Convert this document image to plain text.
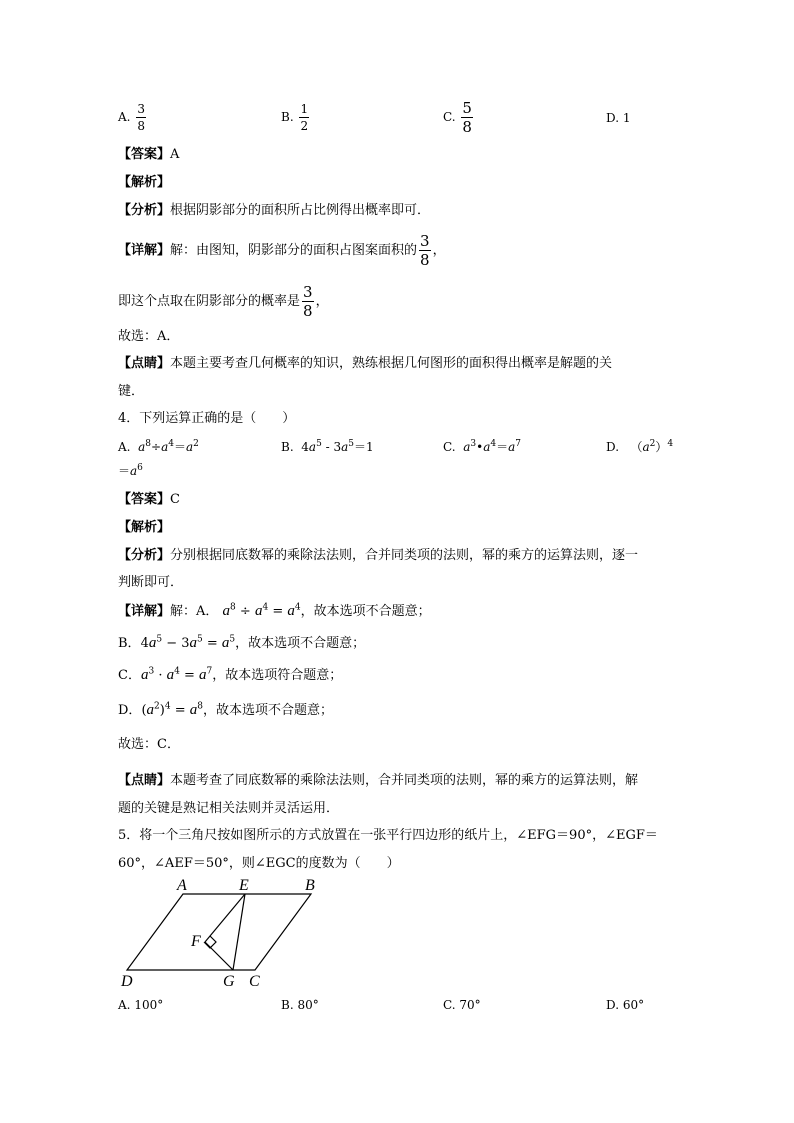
A. $\frac{3}{8}$	B. $\frac{1}{2}$	C. $\frac{5}{8}$	D. 1
【答案】A
【解析】
【分析】根据阴影部分的面积所占比例得出概率即可．
【详解】解：由图知，阴影部分的面积占图案面积的 $\frac{3}{8}$ ，
即这个点取在阴影部分的概率是 $\frac{3}{8}$ ，
故选：A．
【点睛】本题主要考查几何概率的知识，熟练根据几何图形的面积得出概率是解题的关
键．
4．下列运算正确的是（　　）
A. $a^8\div a^4=a^2$	B.  $4a^5 - 3a^5=1$	C. $a^3•a^4=a^7$	D.   $(a^2)^4$
$=a^6$
【答案】C
【解析】
【分析】分别根据同底数幂的乘除法法则，合并同类项的法则，幂的乘方的运算法则，逐一
判断即可．
【详解】解：A． $a^8 \div a^4 = a^4$，故本选项不合题意；
B．$4a^5 - 3a^5 = a^5$，故本选项不合题意；
C．$a^3 \cdot a^4 = a^7$，故本选项符合题意；
D．$(a^2)^4 = a^8$，故本选项不合题意；
故选：C．
【点睛】本题考查了同底数幂的乘除法法则，合并同类项的法则，幂的乘方的运算法则，解
题的关键是熟记相关法则并灵活运用．
5．将一个三角尺按如图所示的方式放置在一张平行四边形的纸片上，∠EFG＝90°，∠EGF＝
60°，∠AEF＝50°，则∠EGC的度数为（　　）
A	E	B
F
D	G C
A. 100°	B. 80°	C. 70°	D. 60°
